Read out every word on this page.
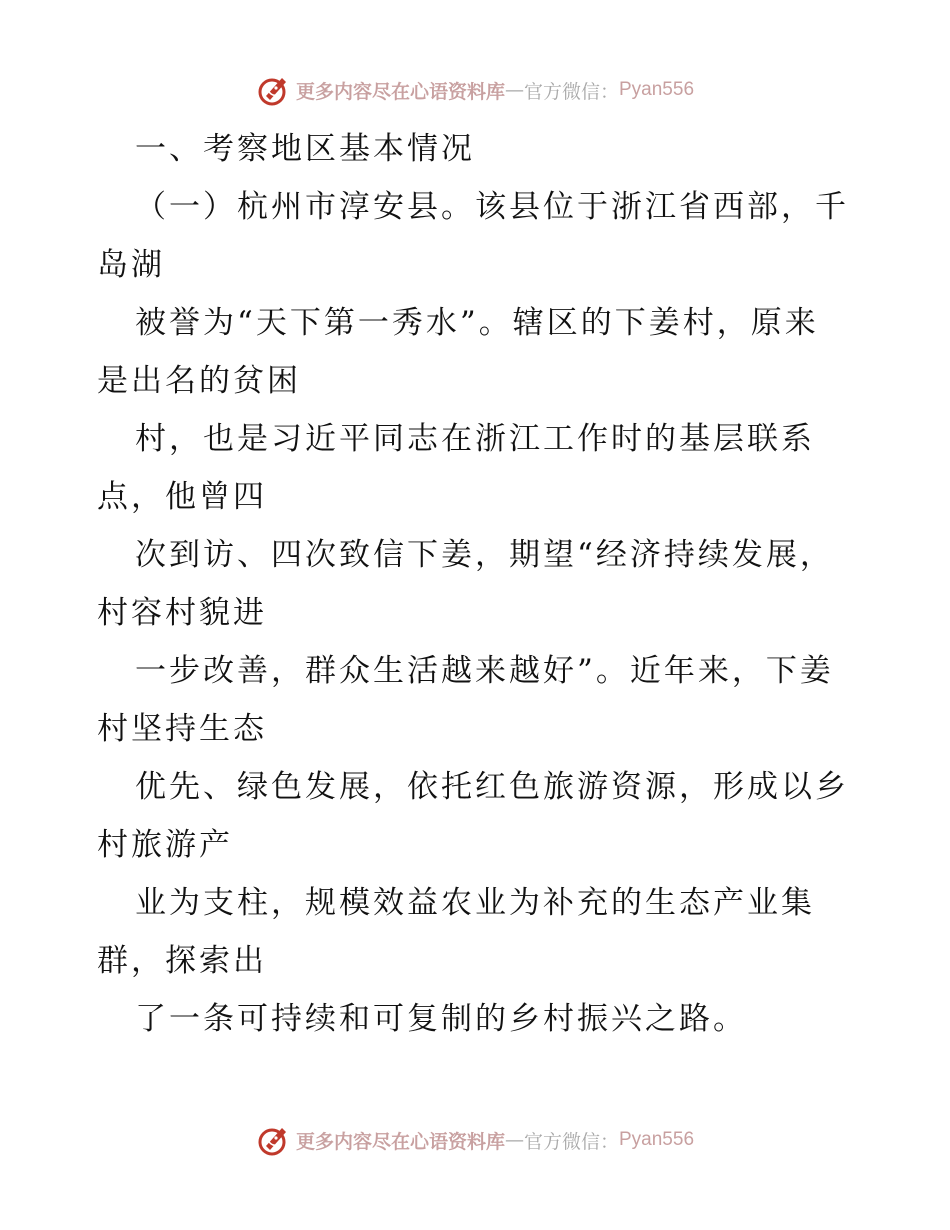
更多内容尽在心语资料库 — 官方微信： Pyan556
一、考察地区基本情况
（一）杭州市淳安县。该县位于浙江省西部，千
岛湖
被誉为“天下第一秀水”。辖区的下姜村，原来
是出名的贫困
村，也是习近平同志在浙江工作时的基层联系
点，他曾四
次到访、四次致信下姜，期望“经济持续发展，
村容村貌进
一步改善，群众生活越来越好”。近年来，下姜
村坚持生态
优先、绿色发展，依托红色旅游资源，形成以乡
村旅游产
业为支柱，规模效益农业为补充的生态产业集
群，探索出
了一条可持续和可复制的乡村振兴之路。
更多内容尽在心语资料库 — 官方微信： Pyan556
